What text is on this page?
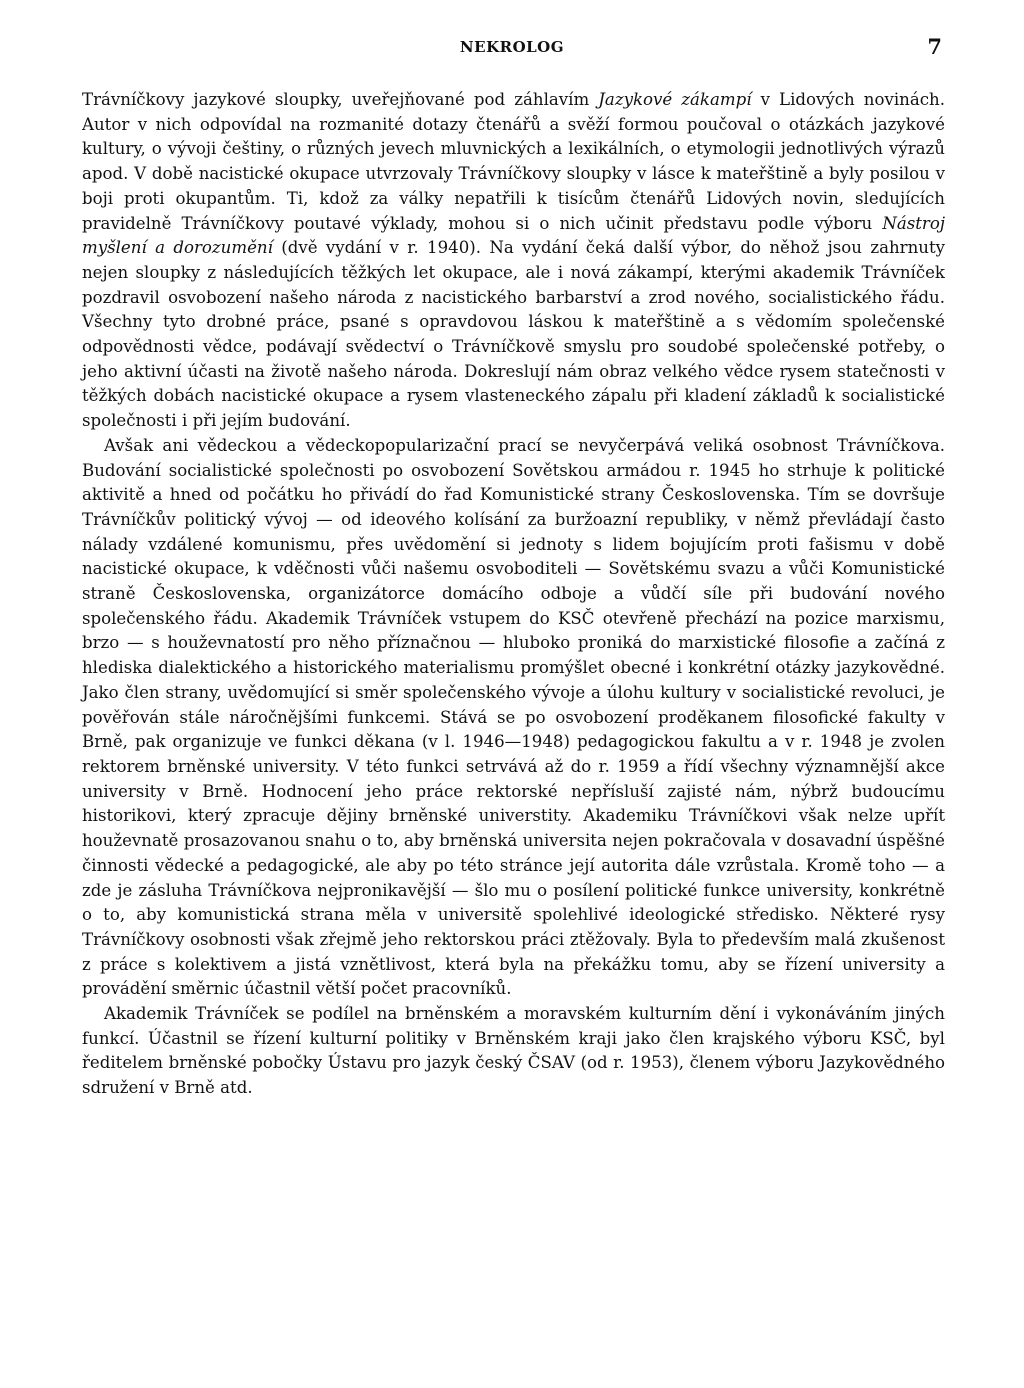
NEKROLOG	7

Trávníčkovy jazykové sloupky, uveřejňované pod záhlavím Jazykové zákampí v Lidových novinách. Autor v nich odpovídal na rozmanité dotazy čtenářů a svěží formou poučoval o otázkách jazykové kultury, o vývoji češtiny, o různých jevech mluvnických a lexikálních, o etymologii jednotlivých výrazů apod. V době nacistické okupace utvrzovaly Trávníčkovy sloupky v lásce k mateřštině a byly posilou v boji proti okupantům. Ti, kdož za války nepatřili k tisícům čtenářů Lidových novin, sledujících pravidelně Trávníčkovy poutavé výklady, mohou si o nich učinit představu podle výboru Nástroj myšlení a dorozumění (dvě vydání v r. 1940). Na vydání čeká další výbor, do něhož jsou zahrnuty nejen sloupky z následujících těžkých let okupace, ale i nová zákampí, kterými akademik Trávníček pozdravil osvobození našeho národa z nacistického barbarství a zrod nového, socialistického řádu. Všechny tyto drobné práce, psané s opravdovou láskou k mateřštině a s vědomím společenské odpovědnosti vědce, podávají svědectví o Trávníčkově smyslu pro soudobé společenské potřeby, o jeho aktivní účasti na životě našeho národa. Dokreslují nám obraz velkého vědce rysem statečnosti v těžkých dobách nacistické okupace a rysem vlasteneckého zápalu při kladení základů k socialistické společnosti i při jejím budování.

Avšak ani vědeckou a vědeckopopularizační prací se nevyčerpává veliká osobnost Trávníčkova. Budování socialistické společnosti po osvobození Sovětskou armádou r. 1945 ho strhuje k politické aktivitě a hned od počátku ho přivádí do řad Komunistické strany Československa. Tím se dovršuje Trávníčkův politický vývoj — od ideového kolísání za buržoazní republiky, v němž převládají často nálady vzdálené komunismu, přes uvědomění si jednoty s lidem bojujícím proti fašismu v době nacistické okupace, k vděčnosti vůči našemu osvoboditeli — Sovětskému svazu a vůči Komunistické straně Československa, organizátorce domácího odboje a vůdčí síle při budování nového společenského řádu. Akademik Trávníček vstupem do KSČ otevřeně přechází na pozice marxismu, brzo — s houževnatostí pro něho příznačnou — hluboko proniká do marxistické filosofie a začíná z hlediska dialektického a historického materialismu promýšlet obecné i konkrétní otázky jazykovědné. Jako člen strany, uvědomující si směr společenského vývoje a úlohu kultury v socialistické revoluci, je pověřován stále náročnějšími funkcemi. Stává se po osvobození proděkanem filosofické fakulty v Brně, pak organizuje ve funkci děkana (v l. 1946—1948) pedagogickou fakultu a v r. 1948 je zvolen rektorem brněnské university. V této funkci setrvává až do r. 1959 a řídí všechny významnější akce university v Brně. Hodnocení jeho práce rektorské nepřísluší zajisté nám, nýbrž budoucímu historikovi, který zpracuje dějiny brněnské universtity. Akademiku Trávníčkovi však nelze upřít houževnatě prosazovanou snahu o to, aby brněnská universita nejen pokračovala v dosavadní úspěšné činnosti vědecké a pedagogické, ale aby po této stránce její autorita dále vzrůstala. Kromě toho — a zde je zásluha Trávníčkova nejpronikavější — šlo mu o posílení politické funkce university, konkrétně o to, aby komunistická strana měla v universitě spolehlivé ideologické středisko. Některé rysy Trávníčkovy osobnosti však zřejmě jeho rektorskou práci ztěžovaly. Byla to především malá zkušenost z práce s kolektivem a jistá vznětlivost, která byla na překážku tomu, aby se řízení university a provádění směrnic účastnil větší počet pracovníků.

Akademik Trávníček se podílel na brněnském a moravském kulturním dění i vykonáváním jiných funkcí. Účastnil se řízení kulturní politiky v Brněnském kraji jako člen krajského výboru KSČ, byl ředitelem brněnské pobočky Ústavu pro jazyk český ČSAV (od r. 1953), členem výboru Jazykovědného sdružení v Brně atd.
